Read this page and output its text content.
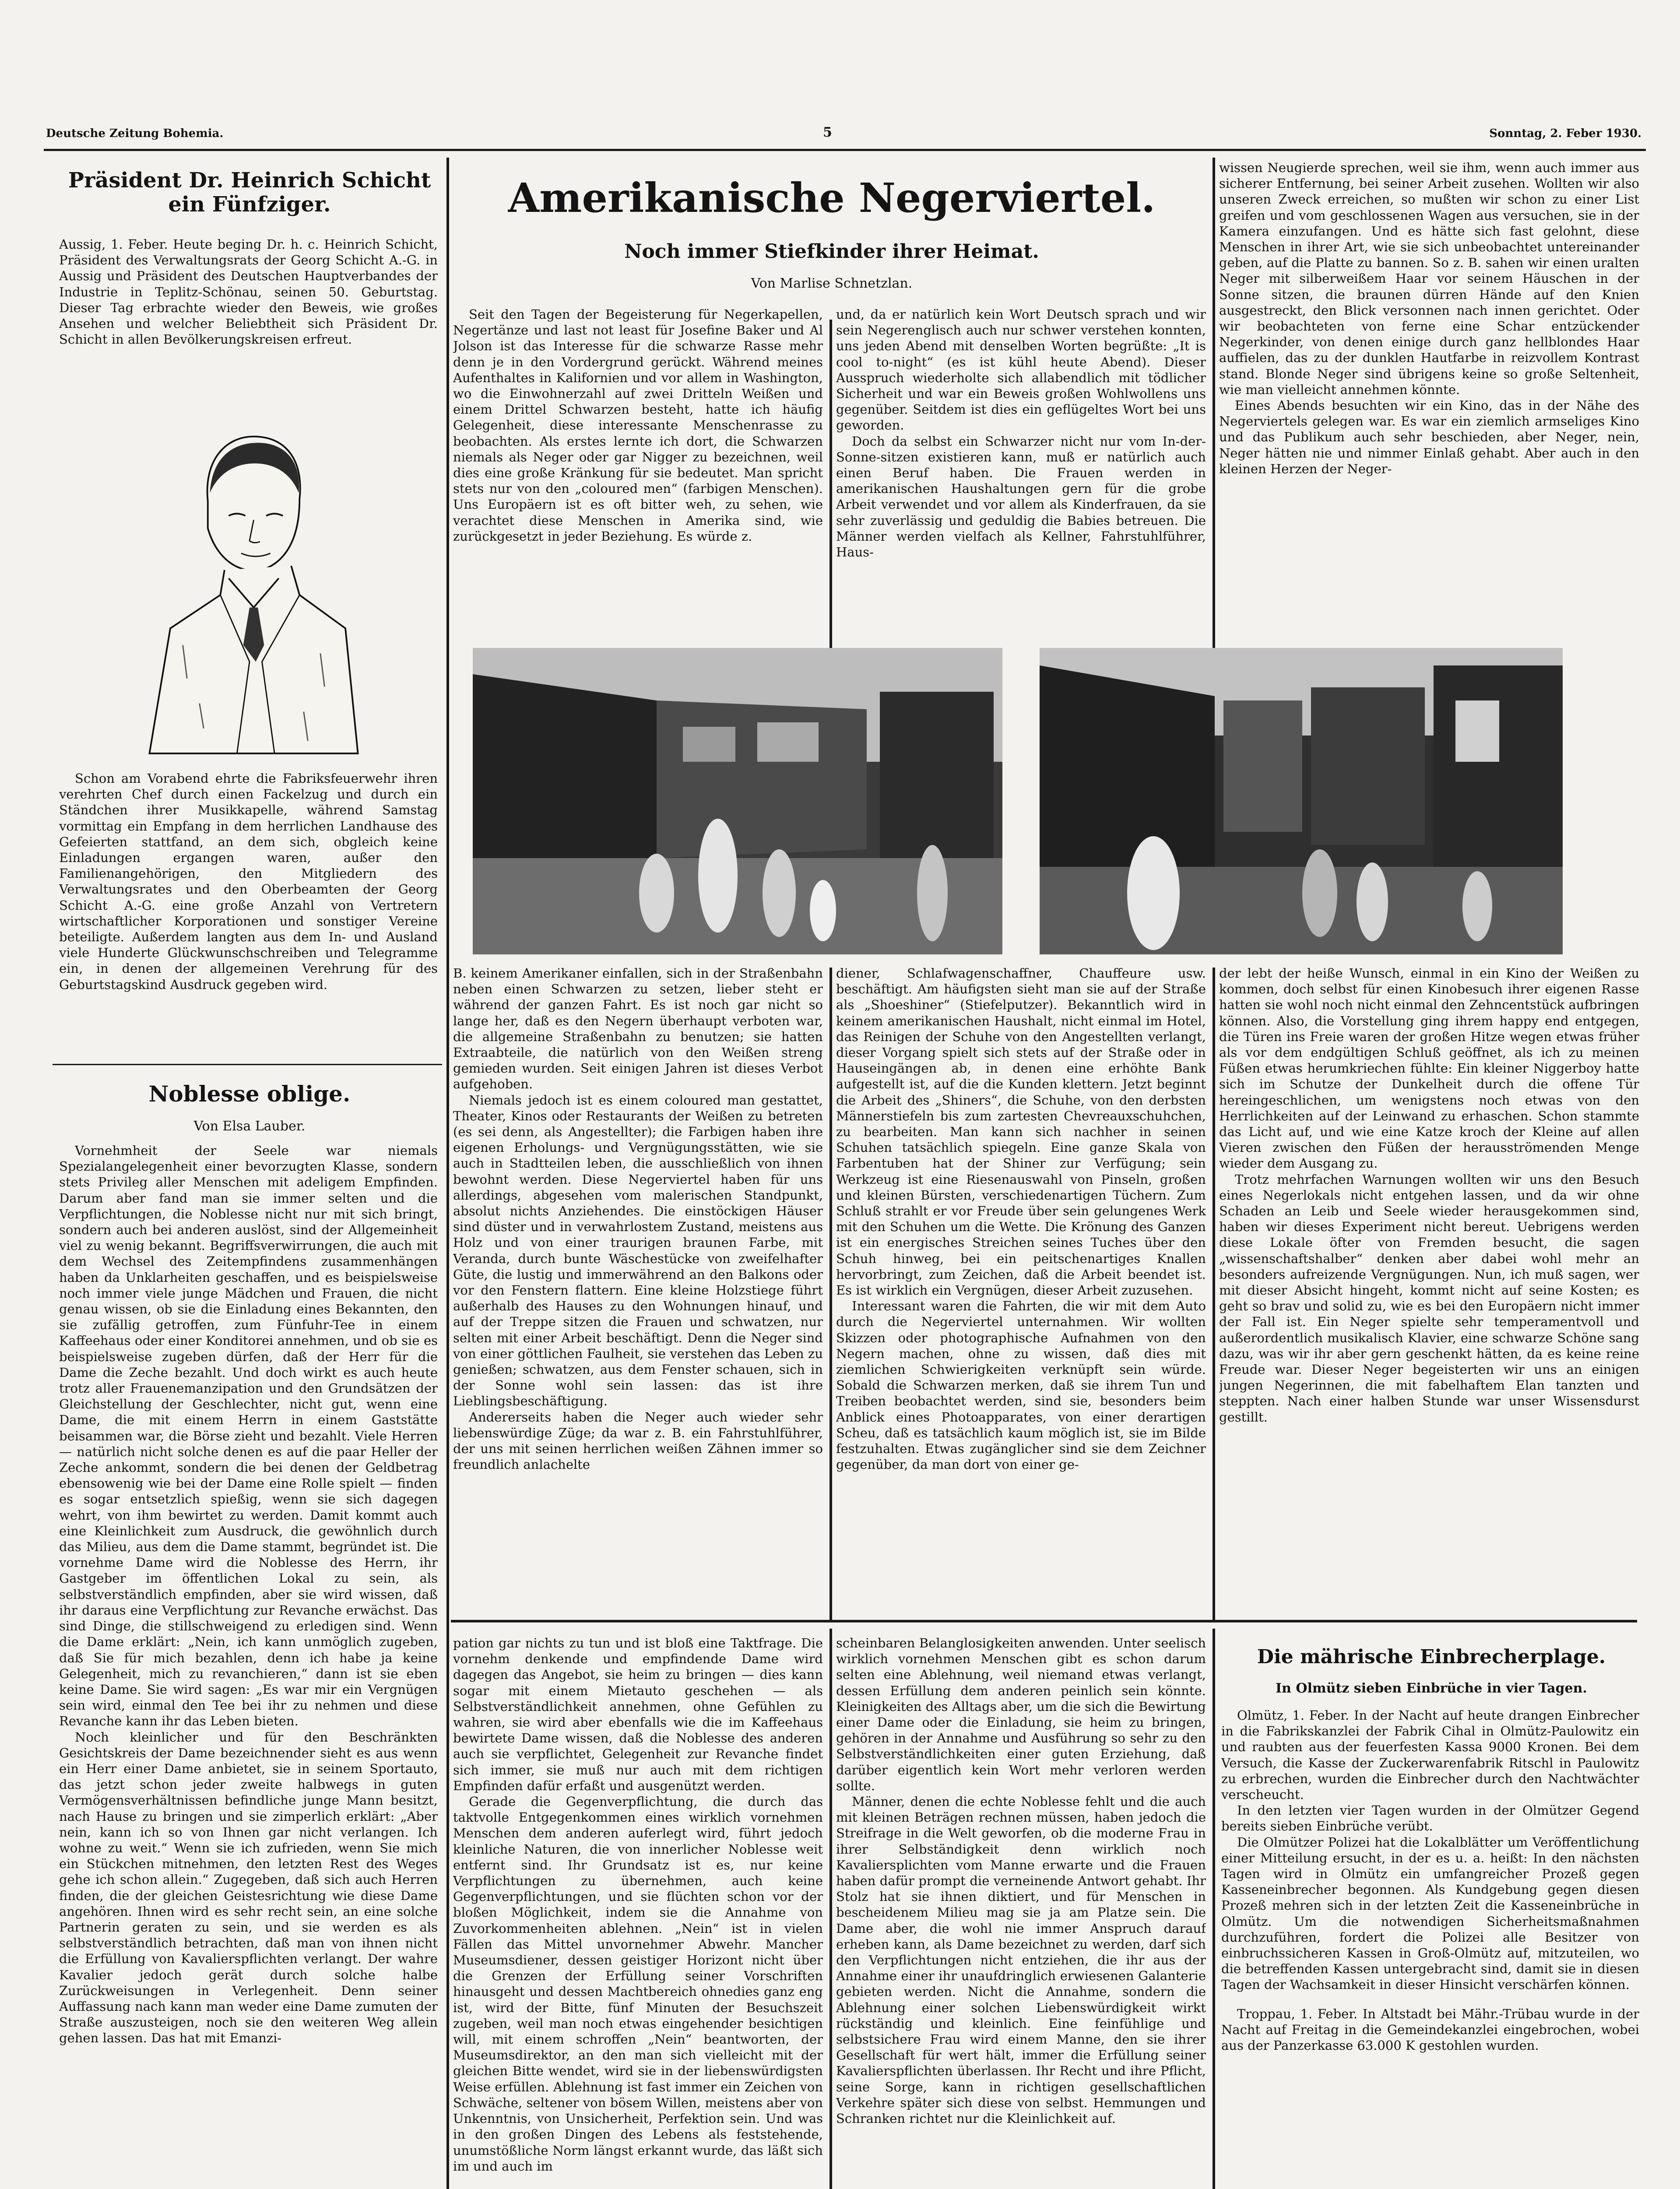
Deutsche Zeitung Bohemia.	5	Sonntag, 2. Feber 1930.
Präsident Dr. Heinrich Schicht ein Fünfziger.
Aussig, 1. Feber. Heute beging Dr. h. c. Heinrich Schicht, Präsident des Verwaltungsrats der Georg Schicht A.-G. in Aussig und Präsident des Deutschen Hauptverbandes der Industrie in Teplitz-Schönau, seinen 50. Geburtstag. Dieser Tag erbrachte wieder den Beweis, wie großes Ansehen und welcher Beliebtheit sich Präsident Dr. Schicht in allen Bevölkerungskreisen erfreut.
Schon am Vorabend ehrte die Fabriksfeuerwehr ihren verehrten Chef durch einen Fackelzug und durch ein Ständchen ihrer Musikkapelle, während Samstag vormittag ein Empfang in dem herrlichen Landhause des Gefeierten stattfand, an dem sich, obgleich keine Einladungen ergangen waren, außer den Familienangehörigen, den Mitgliedern des Verwaltungsrates und den Oberbeamten der Georg Schicht A.-G. eine große Anzahl von Vertretern wirtschaftlicher Korporationen und sonstiger Vereine beteiligte. Außerdem langten aus dem In- und Ausland viele Hunderte Glückwunschschreiben und Telegramme ein, in denen der allgemeinen Verehrung für des Geburtstagskind Ausdruck gegeben wird.
Noblesse oblige.
Von Elsa Lauber.

Vornehmheit der Seele war niemals Spezialangelegenheit einer bevorzugten Klasse, sondern stets Privileg aller Menschen mit adeligem Empfinden. Darum aber fand man sie immer selten und die Verpflichtungen, die Noblesse nicht nur mit sich bringt, sondern auch bei anderen auslöst, sind der Allgemeinheit viel zu wenig bekannt. Begriffsverwirrungen, die auch mit dem Wechsel des Zeitempfindens zusammenhängen haben da Unklarheiten geschaffen, und es beispielsweise noch immer viele junge Mädchen und Frauen, die nicht genau wissen, ob sie die Einladung eines Bekannten, den sie zufällig getroffen, zum Fünfuhr-Tee in einem Kaffeehaus oder einer Konditorei annehmen, und ob sie es beispielsweise zugeben dürfen, daß der Herr für die Dame die Zeche bezahlt. Und doch wirkt es auch heute trotz aller Frauenemanzipation und den Grundsätzen der Gleichstellung der Geschlechter, nicht gut, wenn eine Dame, die mit einem Herrn in einem Gaststätte beisammen war, die Börse zieht und bezahlt. Viele Herren — natürlich nicht solche denen es auf die paar Heller der Zeche ankommt, sondern die bei denen der Geldbetrag ebensowenig wie bei der Dame eine Rolle spielt — finden es sogar entsetzlich spießig, wenn sie sich dagegen wehrt, von ihm bewirtet zu werden. Damit kommt auch eine Kleinlichkeit zum Ausdruck, die gewöhnlich durch das Milieu, aus dem die Dame stammt, begründet ist. Die vornehme Dame wird die Noblesse des Herrn, ihr Gastgeber im öffentlichen Lokal zu sein, als selbstverständlich empfinden, aber sie wird wissen, daß ihr daraus eine Verpflichtung zur Revanche erwächst. Das sind Dinge, die stillschweigend zu erledigen sind. Wenn die Dame erklärt: „Nein, ich kann unmöglich zugeben, daß Sie für mich bezahlen, denn ich habe ja keine Gelegenheit, mich zu revanchieren,“ dann ist sie eben keine Dame. Sie wird sagen: „Es war mir ein Vergnügen sein wird, einmal den Tee bei ihr zu nehmen und diese Revanche kann ihr das Leben bieten.

Noch kleinlicher und für den Beschränkten Gesichtskreis der Dame bezeichnender sieht es aus wenn ein Herr einer Dame anbietet, sie in seinem Sportauto, das jetzt schon jeder zweite halbwegs in guten Vermögensverhältnissen befindliche junge Mann besitzt, nach Hause zu bringen und sie zimperlich erklärt: „Aber nein, kann ich so von Ihnen gar nicht verlangen. Ich wohne zu weit.“ Wenn sie ich zufrieden, wenn Sie mich ein Stückchen mitnehmen, den letzten Rest des Weges gehe ich schon allein.“ Zugegeben, daß sich auch Herren finden, die der gleichen Geistesrichtung wie diese Dame angehören. Ihnen wird es sehr recht sein, an eine solche Partnerin geraten zu sein, und sie werden es als selbstverständlich betrachten, daß man von ihnen nicht die Erfüllung von Kavalierspflichten verlangt. Der wahre Kavalier jedoch gerät durch solche halbe Zurückweisungen in Verlegenheit. Denn seiner Auffassung nach kann man weder eine Dame zumuten der Straße auszusteigen, noch sie den weiteren Weg allein gehen lassen. Das hat mit Emanzi-

pation gar nichts zu tun und ist bloß eine Taktfrage. Die vornehm denkende und empfindende Dame wird dagegen das Angebot, sie heim zu bringen — dies kann sogar mit einem Mietauto geschehen — als Selbstverständlichkeit annehmen, ohne Gefühlen zu wahren, sie wird aber ebenfalls wie die im Kaffeehaus bewirtete Dame wissen, daß die Noblesse des anderen auch sie verpflichtet, Gelegenheit zur Revanche findet sich immer, sie muß nur auch mit dem richtigen Empfinden dafür erfaßt und ausgenützt werden.

Gerade die Gegenverpflichtung, die durch das taktvolle Entgegenkommen eines wirklich vornehmen Menschen dem anderen auferlegt wird, führt jedoch kleinliche Naturen, die von innerlicher Noblesse weit entfernt sind. Ihr Grundsatz ist es, nur keine Verpflichtungen zu übernehmen, auch keine Gegenverpflichtungen, und sie flüchten schon vor der bloßen Möglichkeit, indem sie die Annahme von Zuvorkommenheiten ablehnen. „Nein“ ist in vielen Fällen das Mittel unvornehmer Abwehr. Mancher Museumsdiener, dessen geistiger Horizont nicht über die Grenzen der Erfüllung seiner Vorschriften hinausgeht und dessen Machtbereich ohnedies ganz eng ist, wird der Bitte, fünf Minuten der Besuchszeit zugeben, weil man noch etwas eingehender besichtigen will, mit einem schroffen „Nein“ beantworten, der Museumsdirektor, an den man sich vielleicht mit der gleichen Bitte wendet, wird sie in der liebenswürdigsten Weise erfüllen. Ablehnung ist fast immer ein Zeichen von Schwäche, seltener von bösem Willen, meistens aber von Unkenntnis, von Unsicherheit, Perfektion sein. Und was in den großen Dingen des Lebens als feststehende, unumstößliche Norm längst erkannt wurde, das läßt sich im und auch im

scheinbaren Belanglosigkeiten anwenden. Unter seelisch wirklich vornehmen Menschen gibt es schon darum selten eine Ablehnung, weil niemand etwas verlangt, dessen Erfüllung dem anderen peinlich sein könnte. Kleinigkeiten des Alltags aber, um die sich die Bewirtung einer Dame oder die Einladung, sie heim zu bringen, gehören in der Annahme und Ausführung so sehr zu den Selbstverständlichkeiten einer guten Erziehung, daß darüber eigentlich kein Wort mehr verloren werden sollte.

Männer, denen die echte Noblesse fehlt und die auch mit kleinen Beträgen rechnen müssen, haben jedoch die Streifrage in die Welt geworfen, ob die moderne Frau in ihrer Selbständigkeit denn wirklich noch Kavaliersplichten vom Manne erwarte und die Frauen haben dafür prompt die verneinende Antwort gehabt. Ihr Stolz hat sie ihnen diktiert, und für Menschen in bescheidenem Milieu mag sie ja am Platze sein. Die Dame aber, die wohl nie immer Anspruch darauf erheben kann, als Dame bezeichnet zu werden, darf sich den Verpflichtungen nicht entziehen, die ihr aus der Annahme einer ihr unaufdringlich erwiesenen Galanterie gebieten werden. Nicht die Annahme, sondern die Ablehnung einer solchen Liebenswürdigkeit wirkt rückständig und kleinlich. Eine feinfühlige und selbstsichere Frau wird einem Manne, den sie ihrer Gesellschaft für wert hält, immer die Erfüllung seiner Kavalierspflichten überlassen. Ihr Recht und ihre Pflicht, seine Sorge, kann in richtigen gesellschaftlichen Verkehre später sich diese von selbst. Hemmungen und Schranken richtet nur die Kleinlichkeit auf.

Amerikanische Negerviertel.
Noch immer Stiefkinder ihrer Heimat.
Von Marlise Schnetzlan.
Seit den Tagen der Begeisterung für Negerkapellen, Negertänze und last not least für Josefine Baker und Al Jolson ist das Interesse für die schwarze Rasse mehr denn je in den Vordergrund gerückt. Während meines Aufenthaltes in Kalifornien und vor allem in Washington, wo die Einwohnerzahl auf zwei Dritteln Weißen und einem Drittel Schwarzen besteht, hatte ich häufig Gelegenheit, diese interessante Menschenrasse zu beobachten. Als erstes lernte ich dort, die Schwarzen niemals als Neger oder gar Nigger zu bezeichnen, weil dies eine große Kränkung für sie bedeutet. Man spricht stets nur von den „coloured men“ (farbigen Menschen). Uns Europäern ist es oft bitter weh, zu sehen, wie verachtet diese Menschen in Amerika sind, wie zurückgesetzt in jeder Beziehung. Es würde z.

und, da er natürlich kein Wort Deutsch sprach und wir sein Negerenglisch auch nur schwer verstehen konnten, uns jeden Abend mit denselben Worten begrüßte: „It is cool to-night“ (es ist kühl heute Abend). Dieser Ausspruch wiederholte sich allabendlich mit tödlicher Sicherheit und war ein Beweis großen Wohlwollens uns gegenüber. Seitdem ist dies ein geflügeltes Wort bei uns geworden.

Doch da selbst ein Schwarzer nicht nur vom In-der-Sonne-sitzen existieren kann, muß er natürlich auch einen Beruf haben. Die Frauen werden in amerikanischen Haushaltungen gern für die grobe Arbeit verwendet und vor allem als Kinderfrauen, da sie sehr zuverlässig und geduldig die Babies betreuen. Die Männer werden vielfach als Kellner, Fahrstuhlführer, Haus-

wissen Neugierde sprechen, weil sie ihm, wenn auch immer aus sicherer Entfernung, bei seiner Arbeit zusehen. Wollten wir also unseren Zweck erreichen, so mußten wir schon zu einer List greifen und vom geschlossenen Wagen aus versuchen, sie in der Kamera einzufangen. Und es hätte sich fast gelohnt, diese Menschen in ihrer Art, wie sie sich unbeobachtet untereinander geben, auf die Platte zu bannen. So z. B. sahen wir einen uralten Neger mit silberweißem Haar vor seinem Häuschen in der Sonne sitzen, die braunen dürren Hände auf den Knien ausgestreckt, den Blick versonnen nach innen gerichtet. Oder wir beobachteten von ferne eine Schar entzückender Negerkinder, von denen einige durch ganz hellblondes Haar auffielen, das zu der dunklen Hautfarbe in reizvollem Kontrast stand. Blonde Neger sind übrigens keine so große Seltenheit, wie man vielleicht annehmen könnte.

Eines Abends besuchten wir ein Kino, das in der Nähe des Negerviertels gelegen war. Es war ein ziemlich armseliges Kino und das Publikum auch sehr beschieden, aber Neger, nein, Neger hätten nie und nimmer Einlaß gehabt. Aber auch in den kleinen Herzen der Neger-

B. keinem Amerikaner einfallen, sich in der Straßenbahn neben einen Schwarzen zu setzen, lieber steht er während der ganzen Fahrt. Es ist noch gar nicht so lange her, daß es den Negern überhaupt verboten war, die allgemeine Straßenbahn zu benutzen; sie hatten Extraabteile, die natürlich von den Weißen streng gemieden wurden. Seit einigen Jahren ist dieses Verbot aufgehoben.

Niemals jedoch ist es einem coloured man gestattet, Theater, Kinos oder Restaurants der Weißen zu betreten (es sei denn, als Angestellter); die Farbigen haben ihre eigenen Erholungs- und Vergnügungsstätten, wie sie auch in Stadtteilen leben, die ausschließlich von ihnen bewohnt werden. Diese Negerviertel haben für uns allerdings, abgesehen vom malerischen Standpunkt, absolut nichts Anziehendes. Die einstöckigen Häuser sind düster und in verwahrlostem Zustand, meistens aus Holz und von einer traurigen braunen Farbe, mit Veranda, durch bunte Wäschestücke von zweifelhafter Güte, die lustig und immerwährend an den Balkons oder vor den Fenstern flattern. Eine kleine Holzstiege führt außerhalb des Hauses zu den Wohnungen hinauf, und auf der Treppe sitzen die Frauen und schwatzen, nur selten mit einer Arbeit beschäftigt. Denn die Neger sind von einer göttlichen Faulheit, sie verstehen das Leben zu genießen; schwatzen, aus dem Fenster schauen, sich in der Sonne wohl sein lassen: das ist ihre Lieblingsbeschäftigung.

Andererseits haben die Neger auch wieder sehr liebenswürdige Züge; da war z. B. ein Fahrstuhlführer, der uns mit seinen herrlichen weißen Zähnen immer so freundlich anlachelte

diener, Schlafwagenschaffner, Chauffeure usw. beschäftigt. Am häufigsten sieht man sie auf der Straße als „Shoeshiner“ (Stiefelputzer). Bekanntlich wird in keinem amerikanischen Haushalt, nicht einmal im Hotel, das Reinigen der Schuhe von den Angestellten verlangt, dieser Vorgang spielt sich stets auf der Straße oder in Hauseingängen ab, in denen eine erhöhte Bank aufgestellt ist, auf die die Kunden klettern. Jetzt beginnt die Arbeit des „Shiners“, die Schuhe, von den derbsten Männerstiefeln bis zum zartesten Chevreauxschuhchen, zu bearbeiten. Man kann sich nachher in seinen Schuhen tatsächlich spiegeln. Eine ganze Skala von Farbentuben hat der Shiner zur Verfügung; sein Werkzeug ist eine Riesenauswahl von Pinseln, großen und kleinen Bürsten, verschiedenartigen Tüchern. Zum Schluß strahlt er vor Freude über sein gelungenes Werk mit den Schuhen um die Wette. Die Krönung des Ganzen ist ein energisches Streichen seines Tuches über den Schuh hinweg, bei ein peitschenartiges Knallen hervorbringt, zum Zeichen, daß die Arbeit beendet ist. Es ist wirklich ein Vergnügen, dieser Arbeit zuzusehen.

Interessant waren die Fahrten, die wir mit dem Auto durch die Negerviertel unternahmen. Wir wollten Skizzen oder photographische Aufnahmen von den Negern machen, ohne zu wissen, daß dies mit ziemlichen Schwierigkeiten verknüpft sein würde. Sobald die Schwarzen merken, daß sie ihrem Tun und Treiben beobachtet werden, sind sie, besonders beim Anblick eines Photoapparates, von einer derartigen Scheu, daß es tatsächlich kaum möglich ist, sie im Bilde festzuhalten. Etwas zugänglicher sind sie dem Zeichner gegenüber, da man dort von einer ge-

der lebt der heiße Wunsch, einmal in ein Kino der Weißen zu kommen, doch selbst für einen Kinobesuch ihrer eigenen Rasse hatten sie wohl noch nicht einmal den Zehncentstück aufbringen können. Also, die Vorstellung ging ihrem happy end entgegen, die Türen ins Freie waren der großen Hitze wegen etwas früher als vor dem endgültigen Schluß geöffnet, als ich zu meinen Füßen etwas herumkriechen fühlte: Ein kleiner Niggerboy hatte sich im Schutze der Dunkelheit durch die offene Tür hereingeschlichen, um wenigstens noch etwas von den Herrlichkeiten auf der Leinwand zu erhaschen. Schon stammte das Licht auf, und wie eine Katze kroch der Kleine auf allen Vieren zwischen den Füßen der herausströmenden Menge wieder dem Ausgang zu.

Trotz mehrfachen Warnungen wollten wir uns den Besuch eines Negerlokals nicht entgehen lassen, und da wir ohne Schaden an Leib und Seele wieder herausgekommen sind, haben wir dieses Experiment nicht bereut. Uebrigens werden diese Lokale öfter von Fremden besucht, die sagen „wissenschaftshalber“ denken aber dabei wohl mehr an besonders aufreizende Vergnügungen. Nun, ich muß sagen, wer mit dieser Absicht hingeht, kommt nicht auf seine Kosten; es geht so brav und solid zu, wie es bei den Europäern nicht immer der Fall ist. Ein Neger spielte sehr temperamentvoll und außerordentlich musikalisch Klavier, eine schwarze Schöne sang dazu, was wir ihr aber gern geschenkt hätten, da es keine reine Freude war. Dieser Neger begeisterten wir uns an einigen jungen Negerinnen, die mit fabelhaftem Elan tanzten und steppten. Nach einer halben Stunde war unser Wissensdurst gestillt.

Die mährische Einbrecherplage.
In Olmütz sieben Einbrüche in vier Tagen.

Olmütz, 1. Feber. In der Nacht auf heute drangen Einbrecher in die Fabrikskanzlei der Fabrik Cihal in Olmütz-Paulowitz ein und raubten aus der feuerfesten Kassa 9000 Kronen. Bei dem Versuch, die Kasse der Zuckerwarenfabrik Ritschl in Paulowitz zu erbrechen, wurden die Einbrecher durch den Nachtwächter verscheucht.

In den letzten vier Tagen wurden in der Olmützer Gegend bereits sieben Einbrüche verübt.

Die Olmützer Polizei hat die Lokalblätter um Veröffentlichung einer Mitteilung ersucht, in der es u. a. heißt: In den nächsten Tagen wird in Olmütz ein umfangreicher Prozeß gegen Kasseneinbrecher begonnen. Als Kundgebung gegen diesen Prozeß mehren sich in der letzten Zeit die Kasseneinbrüche in Olmütz. Um die notwendigen Sicherheitsmaßnahmen durchzuführen, fordert die Polizei alle Besitzer von einbruchssicheren Kassen in Groß-Olmütz auf, mitzuteilen, wo die betreffenden Kassen untergebracht sind, damit sie in diesen Tagen der Wachsamkeit in dieser Hinsicht verschärfen können.

Troppau, 1. Feber. In Altstadt bei Mähr.-Trübau wurde in der Nacht auf Freitag in die Gemeindekanzlei eingebrochen, wobei aus der Panzerkasse 63.000 K gestohlen wurden.
